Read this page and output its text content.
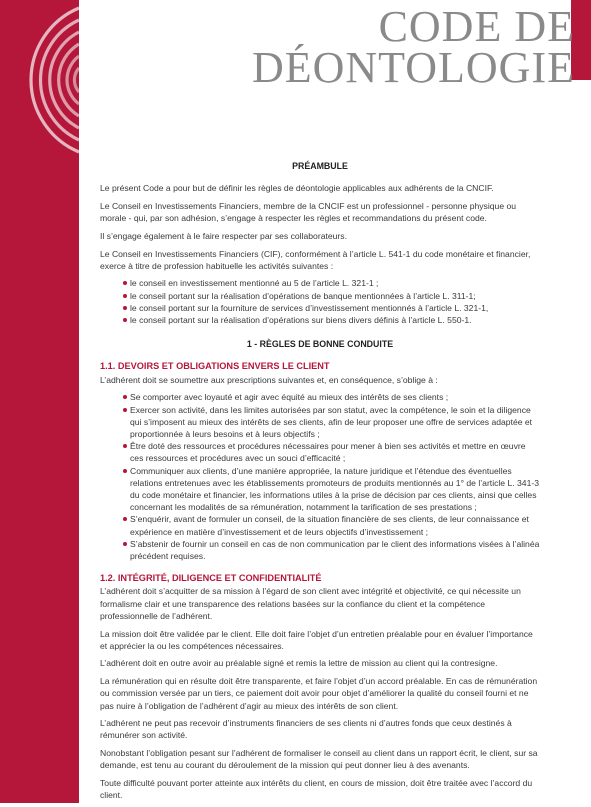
CODE DE
DÉONTOLOGIE
PRÉAMBULE

Le présent Code a pour but de définir les règles de déontologie applicables aux adhérents de la CNCIF.

Le Conseil en Investissements Financiers, membre de la CNCIF est un professionnel - personne physique ou morale - qui, par son adhésion, s’engage à respecter les règles et recommandations du présent code.

Il s’engage également à le faire respecter par ses collaborateurs.

Le Conseil en Investissements Financiers (CIF), conformément à l’article L. 541-1 du code monétaire et financier, exerce à titre de profession habituelle les activités suivantes :

le conseil en investissement mentionné au 5 de l’article L. 321-1 ;
le conseil portant sur la réalisation d’opérations de banque mentionnées à l’article L. 311-1;
le conseil portant sur la fourniture de services d’investissement mentionnés à l’article L. 321-1,
le conseil portant sur la réalisation d’opérations sur biens divers définis à l’article L. 550-1.
1 - RÈGLES DE BONNE CONDUITE
1.1. DEVOIRS ET OBLIGATIONS ENVERS LE CLIENT

L’adhérent doit se soumettre aux prescriptions suivantes et, en conséquence, s’oblige à :

Se comporter avec loyauté et agir avec équité au mieux des intérêts de ses clients ;
Exercer son activité, dans les limites autorisées par son statut, avec la compétence, le soin et la diligence qui s’imposent au mieux des intérêts de ses clients, afin de leur proposer une offre de services adaptée et proportionnée à leurs besoins et à leurs objectifs ;
Être doté des ressources et procédures nécessaires pour mener à bien ses activités et mettre en œuvre ces ressources et procédures avec un souci d’efficacité ;
Communiquer aux clients, d’une manière appropriée, la nature juridique et l’étendue des éventuelles relations entretenues avec les établissements promoteurs de produits mentionnés au 1° de l’article L. 341-3 du code monétaire et financier, les informations utiles à la prise de décision par ces clients, ainsi que celles concernant les modalités de sa rémunération, notamment la tarification de ses prestations ;
S’enquérir, avant de formuler un conseil, de la situation financière de ses clients, de leur connaissance et expérience en matière d’investissement et de leurs objectifs d’investissement ;
S’abstenir de fournir un conseil en cas de non communication par le client des informations visées à l’alinéa précédent requises.
1.2. INTÉGRITÉ, DILIGENCE ET CONFIDENTIALITÉ

L’adhérent doit s’acquitter de sa mission à l’égard de son client avec intégrité et objectivité, ce qui nécessite un formalisme clair et une transparence des relations basées sur la confiance du client et la compétence professionnelle de l’adhérent.

La mission doit être validée par le client. Elle doit faire l’objet d’un entretien préalable pour en évaluer l’importance et apprécier la ou les compétences nécessaires.

L’adhérent doit en outre avoir au préalable signé et remis la lettre de mission au client qui la contresigne.

La rémunération qui en résulte doit être transparente, et faire l’objet d’un accord préalable. En cas de rémunération ou commission versée par un tiers, ce paiement doit avoir pour objet d’améliorer la qualité du conseil fourni et ne pas nuire à l’obligation de l’adhérent d’agir au mieux des intérêts de son client.

L’adhérent ne peut pas recevoir d’instruments financiers de ses clients ni d’autres fonds que ceux destinés à rémunérer son activité.

Nonobstant l’obligation pesant sur l’adhérent de formaliser le conseil au client dans un rapport écrit, le client, sur sa demande, est tenu au courant du déroulement de la mission qui peut donner lieu à des avenants.

Toute difficulté pouvant porter atteinte aux intérêts du client, en cours de mission, doit être traitée avec l’accord du client.
